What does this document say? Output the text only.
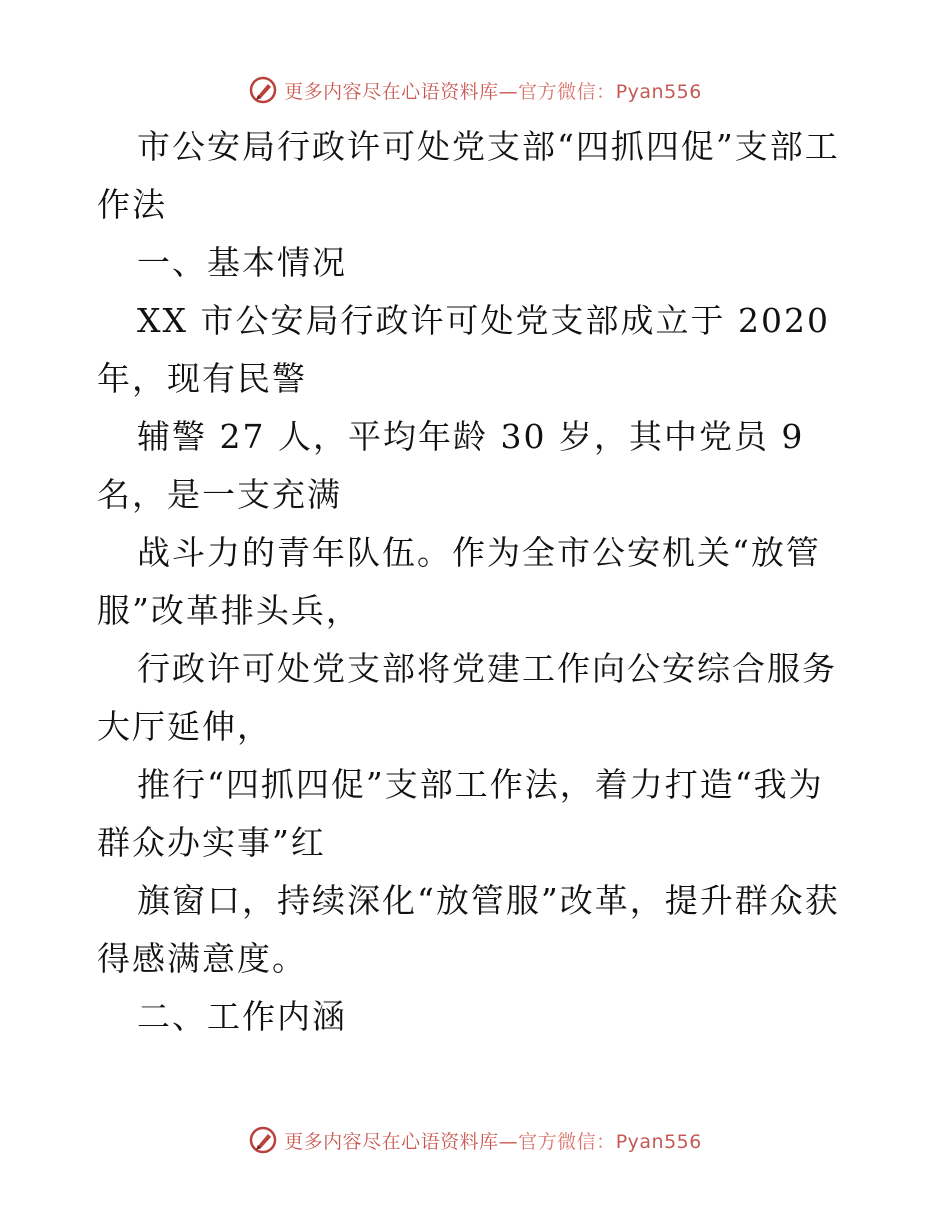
更多内容尽在心语资料库—官方微信：Pyan556

市公安局行政许可处党支部“四抓四促”支部工作法

一、基本情况

XX 市公安局行政许可处党支部成立于 2020 年，现有民警

辅警 27 人，平均年龄 30 岁，其中党员 9 名，是一支充满

战斗力的青年队伍。作为全市公安机关“放管服”改革排头兵，

行政许可处党支部将党建工作向公安综合服务大厅延伸，

推行“四抓四促”支部工作法，着力打造“我为群众办实事”红

旗窗口，持续深化“放管服”改革，提升群众获得感满意度。

二、工作内涵

更多内容尽在心语资料库—官方微信：Pyan556
